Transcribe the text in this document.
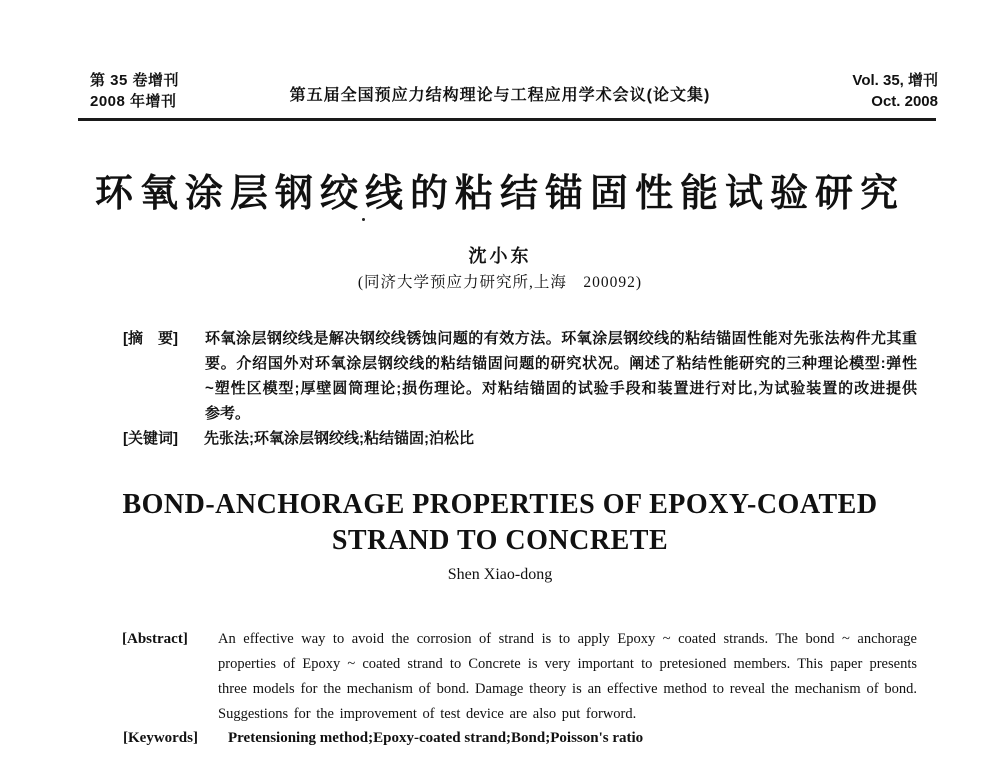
第 35 卷增刊
2008 年增刊	第五届全国预应力结构理论与工程应用学术会议(论文集)
Vol. 35, 增刊
Oct. 2008
环氧涂层钢绞线的粘结锚固性能试验研究
沈小东
(同济大学预应力研究所,上海　200092)
[摘　要] 环氧涂层钢绞线是解决钢绞线锈蚀问题的有效方法。环氧涂层钢绞线的粘结锚固性能对先张法构件尤其重
要。介绍国外对环氧涂层钢绞线的粘结锚固问题的研究状况。阐述了粘结性能研究的三种理论模型:弹性
~塑性区模型;厚壁圆筒理论;损伤理论。对粘结锚固的试验手段和装置进行对比,为试验装置的改进提供
参考。
[关键词] 先张法;环氧涂层钢绞线;粘结锚固;泊松比
BOND-ANCHORAGE PROPERTIES OF EPOXY-COATED
STRAND TO CONCRETE
Shen Xiao-dong
[Abstract] An effective way to avoid the corrosion of strand is to apply Epoxy ~ coated strands. The bond ~ anchorage
properties of Epoxy ~ coated strand to Concrete is very important to pretesioned members. This paper presents
three models for the mechanism of bond. Damage theory is an effective method to reveal the mechanism of bond.
Suggestions for the improvement of test device are also put forword.
[Keywords] Pretensioning method;Epoxy-coated strand;Bond;Poisson's ratio
